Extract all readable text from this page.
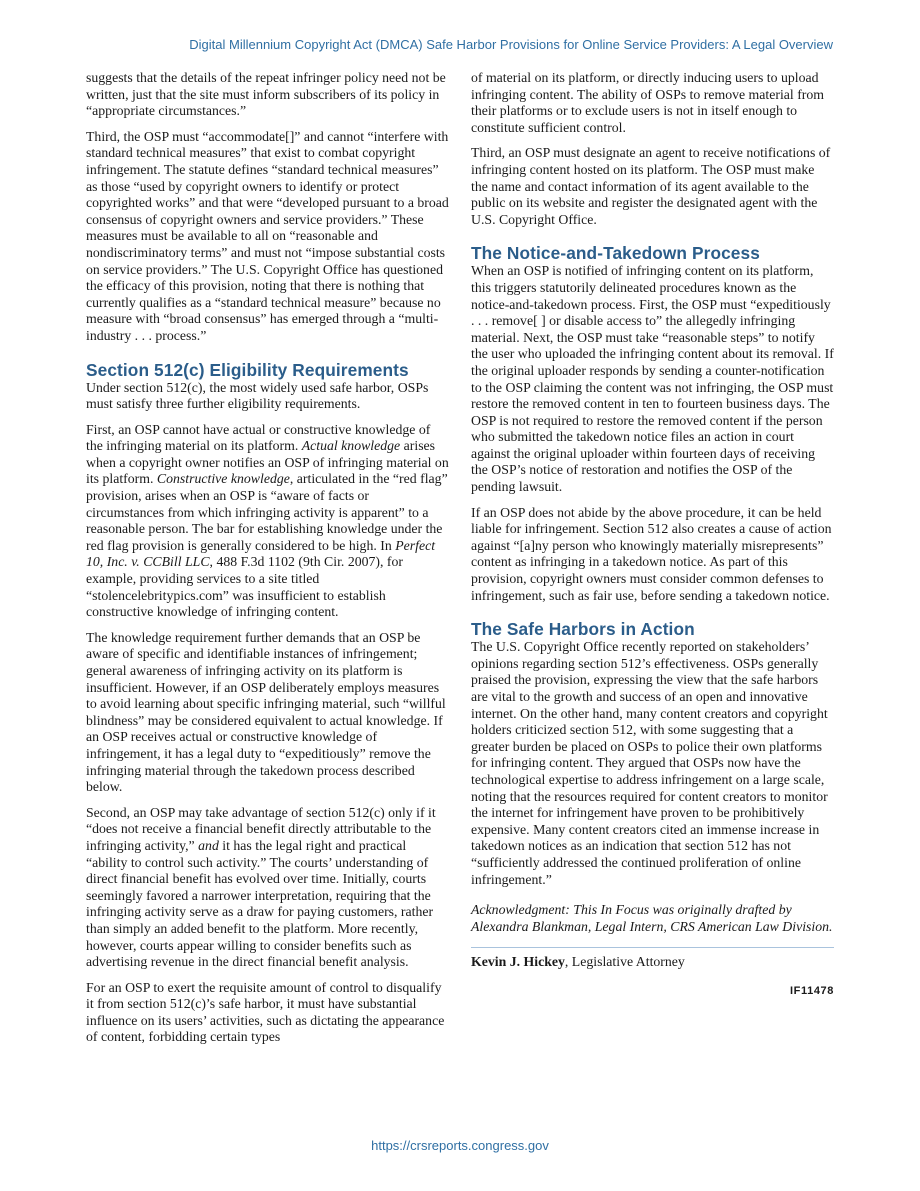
Digital Millennium Copyright Act (DMCA) Safe Harbor Provisions for Online Service Providers: A Legal Overview

suggests that the details of the repeat infringer policy need not be written, just that the site must inform subscribers of its policy in “appropriate circumstances.”

Third, the OSP must “accommodate[]” and cannot “interfere with standard technical measures” that exist to combat copyright infringement. The statute defines “standard technical measures” as those “used by copyright owners to identify or protect copyrighted works” and that were “developed pursuant to a broad consensus of copyright owners and service providers.” These measures must be available to all on “reasonable and nondiscriminatory terms” and must not “impose substantial costs on service providers.” The U.S. Copyright Office has questioned the efficacy of this provision, noting that there is nothing that currently qualifies as a “standard technical measure” because no measure with “broad consensus” has emerged through a “multi-industry . . . process.”

Section 512(c) Eligibility Requirements

Under section 512(c), the most widely used safe harbor, OSPs must satisfy three further eligibility requirements.

First, an OSP cannot have actual or constructive knowledge of the infringing material on its platform. Actual knowledge arises when a copyright owner notifies an OSP of infringing material on its platform. Constructive knowledge, articulated in the “red flag” provision, arises when an OSP is “aware of facts or circumstances from which infringing activity is apparent” to a reasonable person. The bar for establishing knowledge under the red flag provision is generally considered to be high. In Perfect 10, Inc. v. CCBill LLC, 488 F.3d 1102 (9th Cir. 2007), for example, providing services to a site titled “stolencelebritypics.com” was insufficient to establish constructive knowledge of infringing content.

The knowledge requirement further demands that an OSP be aware of specific and identifiable instances of infringement; general awareness of infringing activity on its platform is insufficient. However, if an OSP deliberately employs measures to avoid learning about specific infringing material, such “willful blindness” may be considered equivalent to actual knowledge. If an OSP receives actual or constructive knowledge of infringement, it has a legal duty to “expeditiously” remove the infringing material through the takedown process described below.

Second, an OSP may take advantage of section 512(c) only if it “does not receive a financial benefit directly attributable to the infringing activity,” and it has the legal right and practical “ability to control such activity.” The courts’ understanding of direct financial benefit has evolved over time. Initially, courts seemingly favored a narrower interpretation, requiring that the infringing activity serve as a draw for paying customers, rather than simply an added benefit to the platform. More recently, however, courts appear willing to consider benefits such as advertising revenue in the direct financial benefit analysis.

For an OSP to exert the requisite amount of control to disqualify it from section 512(c)’s safe harbor, it must have substantial influence on its users’ activities, such as dictating the appearance of content, forbidding certain types

of material on its platform, or directly inducing users to upload infringing content. The ability of OSPs to remove material from their platforms or to exclude users is not in itself enough to constitute sufficient control.

Third, an OSP must designate an agent to receive notifications of infringing content hosted on its platform. The OSP must make the name and contact information of its agent available to the public on its website and register the designated agent with the U.S. Copyright Office.

The Notice-and-Takedown Process

When an OSP is notified of infringing content on its platform, this triggers statutorily delineated procedures known as the notice-and-takedown process. First, the OSP must “expeditiously . . . remove[ ] or disable access to” the allegedly infringing material. Next, the OSP must take “reasonable steps” to notify the user who uploaded the infringing content about its removal. If the original uploader responds by sending a counter-notification to the OSP claiming the content was not infringing, the OSP must restore the removed content in ten to fourteen business days. The OSP is not required to restore the removed content if the person who submitted the takedown notice files an action in court against the original uploader within fourteen days of receiving the OSP’s notice of restoration and notifies the OSP of the pending lawsuit.

If an OSP does not abide by the above procedure, it can be held liable for infringement. Section 512 also creates a cause of action against “[a]ny person who knowingly materially misrepresents” content as infringing in a takedown notice. As part of this provision, copyright owners must consider common defenses to infringement, such as fair use, before sending a takedown notice.

The Safe Harbors in Action

The U.S. Copyright Office recently reported on stakeholders’ opinions regarding section 512’s effectiveness. OSPs generally praised the provision, expressing the view that the safe harbors are vital to the growth and success of an open and innovative internet. On the other hand, many content creators and copyright holders criticized section 512, with some suggesting that a greater burden be placed on OSPs to police their own platforms for infringing content. They argued that OSPs now have the technological expertise to address infringement on a large scale, noting that the resources required for content creators to monitor the internet for infringement have proven to be prohibitively expensive. Many content creators cited an immense increase in takedown notices as an indication that section 512 has not “sufficiently addressed the continued proliferation of online infringement.”

Acknowledgment: This In Focus was originally drafted by Alexandra Blankman, Legal Intern, CRS American Law Division.

Kevin J. Hickey, Legislative Attorney

IF11478
https://crsreports.congress.gov
